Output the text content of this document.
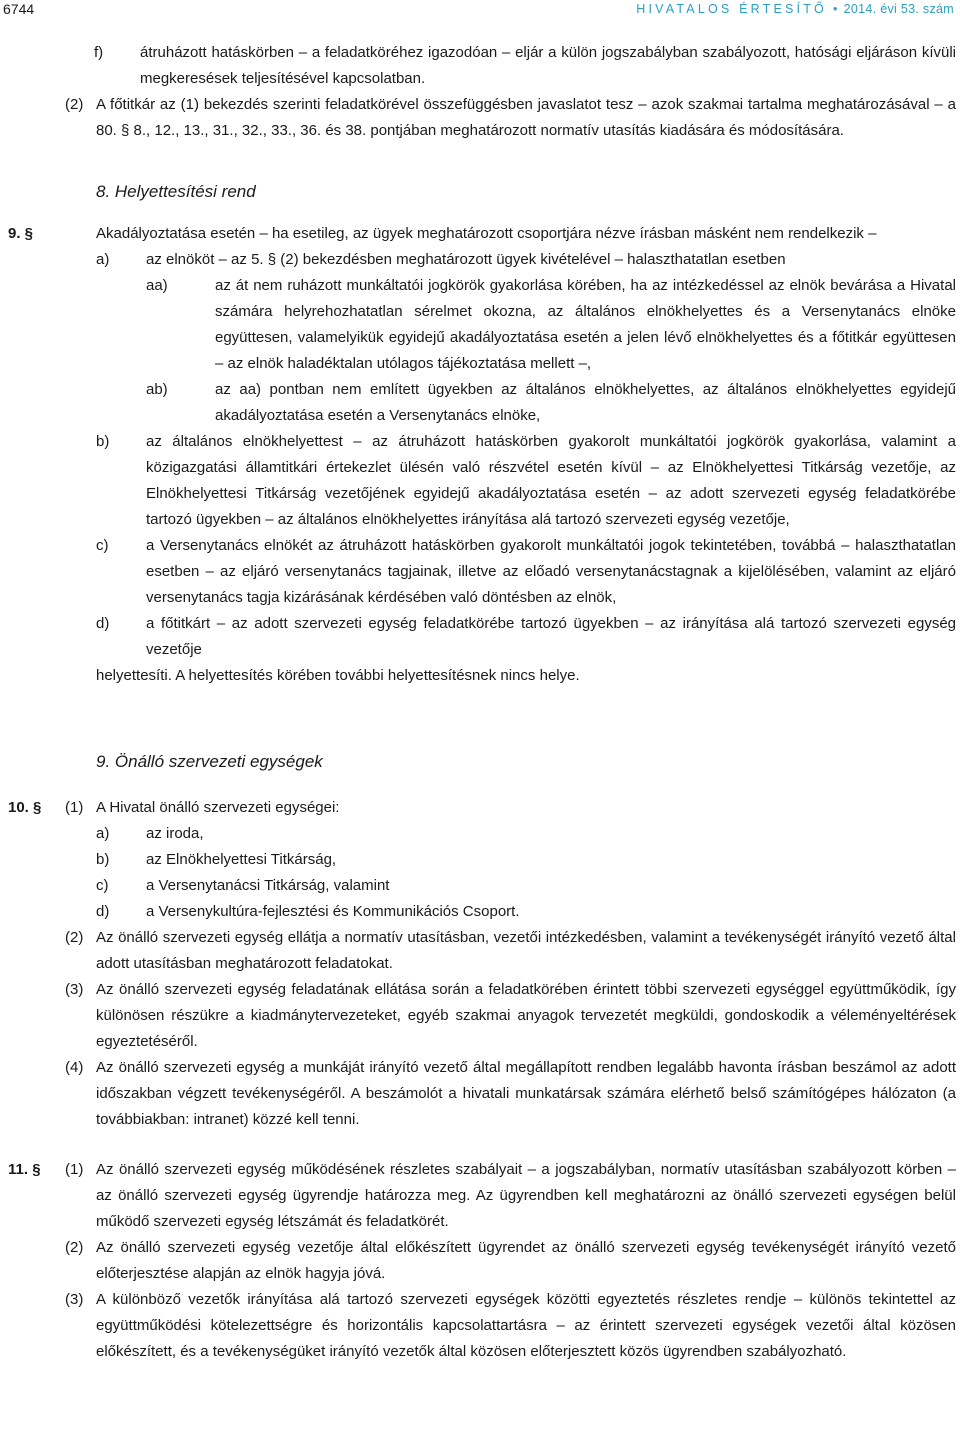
6744	HIVATALOS ÉRTESÍTŐ • 2014. évi 53. szám
f) átruházott hatáskörben – a feladatköréhez igazodóan – eljár a külön jogszabályban szabályozott, hatósági eljáráson kívüli megkeresések teljesítésével kapcsolatban.
(2) A főtitkár az (1) bekezdés szerinti feladatkörével összefüggésben javaslatot tesz – azok szakmai tartalma meghatározásával – a 80. § 8., 12., 13., 31., 32., 33., 36. és 38. pontjában meghatározott normatív utasítás kiadására és módosítására.
8. Helyettesítési rend
9. §	Akadályoztatása esetén – ha esetileg, az ügyek meghatározott csoportjára nézve írásban másként nem rendelkezik –
a) az elnököt – az 5. § (2) bekezdésben meghatározott ügyek kivételével – halaszthatatlan esetben
aa)	az át nem ruházott munkáltatói jogkörök gyakorlása körében, ha az intézkedéssel az elnök bevárása a Hivatal számára helyrehozhatatlan sérelmet okozna, az általános elnökhelyettes és a Versenytanács elnöke együttesen, valamelyikük egyidejű akadályoztatása esetén a jelen lévő elnökhelyettes és a főtitkár együttesen – az elnök haladéktalan utólagos tájékoztatása mellett –,
ab)	az aa) pontban nem említett ügyekben az általános elnökhelyettes, az általános elnökhelyettes egyidejű akadályoztatása esetén a Versenytanács elnöke,
b) az általános elnökhelyettest – az átruházott hatáskörben gyakorolt munkáltatói jogkörök gyakorlása, valamint a közigazgatási államtitkári értekezlet ülésén való részvétel esetén kívül – az Elnökhelyettesi Titkárság vezetője, az Elnökhelyettesi Titkárság vezetőjének egyidejű akadályoztatása esetén – az adott szervezeti egység feladatkörébe tartozó ügyekben – az általános elnökhelyettes irányítása alá tartozó szervezeti egység vezetője,
c)	a Versenytanács elnökét az átruházott hatáskörben gyakorolt munkáltatói jogok tekintetében, továbbá – halaszthatatlan esetben – az eljáró versenytanács tagjainak, illetve az előadó versenytanácstagnak a kijelölésében, valamint az eljáró versenytanács tagja kizárásának kérdésében való döntésben az elnök,
d) a főtitkárt – az adott szervezeti egység feladatkörébe tartozó ügyekben – az irányítása alá tartozó szervezeti egység vezetője
helyettesíti. A helyettesítés körében további helyettesítésnek nincs helye.
9. Önálló szervezeti egységek
10. § (1) A Hivatal önálló szervezeti egységei:
a) az iroda,
b) az Elnökhelyettesi Titkárság,
c)	a Versenytanácsi Titkárság, valamint
d) a Versenykultúra-fejlesztési és Kommunikációs Csoport.
(2) Az önálló szervezeti egység ellátja a normatív utasításban, vezetői intézkedésben, valamint a tevékenységét irányító vezető által adott utasításban meghatározott feladatokat.
(3) Az önálló szervezeti egység feladatának ellátása során a feladatkörében érintett többi szervezeti egységgel együttműködik, így különösen részükre a kiadmánytervezeteket, egyéb szakmai anyagok tervezetét megküldi, gondoskodik a véleményeltérések egyeztetéséről.
(4) Az önálló szervezeti egység a munkáját irányító vezető által megállapított rendben legalább havonta írásban beszámol az adott időszakban végzett tevékenységéről. A beszámolót a hivatali munkatársak számára elérhető belső számítógépes hálózaton (a továbbiakban: intranet) közzé kell tenni.
11. § (1) Az önálló szervezeti egység működésének részletes szabályait – a jogszabályban, normatív utasításban szabályozott körben – az önálló szervezeti egység ügyrendje határozza meg. Az ügyrendben kell meghatározni az önálló szervezeti egységen belül működő szervezeti egység létszámát és feladatkörét.
(2) Az önálló szervezeti egység vezetője által előkészített ügyrendet az önálló szervezeti egység tevékenységét irányító vezető előterjesztése alapján az elnök hagyja jóvá.
(3) A különböző vezetők irányítása alá tartozó szervezeti egységek közötti egyeztetés részletes rendje – különös tekintettel az együttműködési kötelezettségre és horizontális kapcsolattartásra – az érintett szervezeti egységek vezetői által közösen előkészített, és a tevékenységüket irányító vezetők által közösen előterjesztett közös ügyrendben szabályozható.
